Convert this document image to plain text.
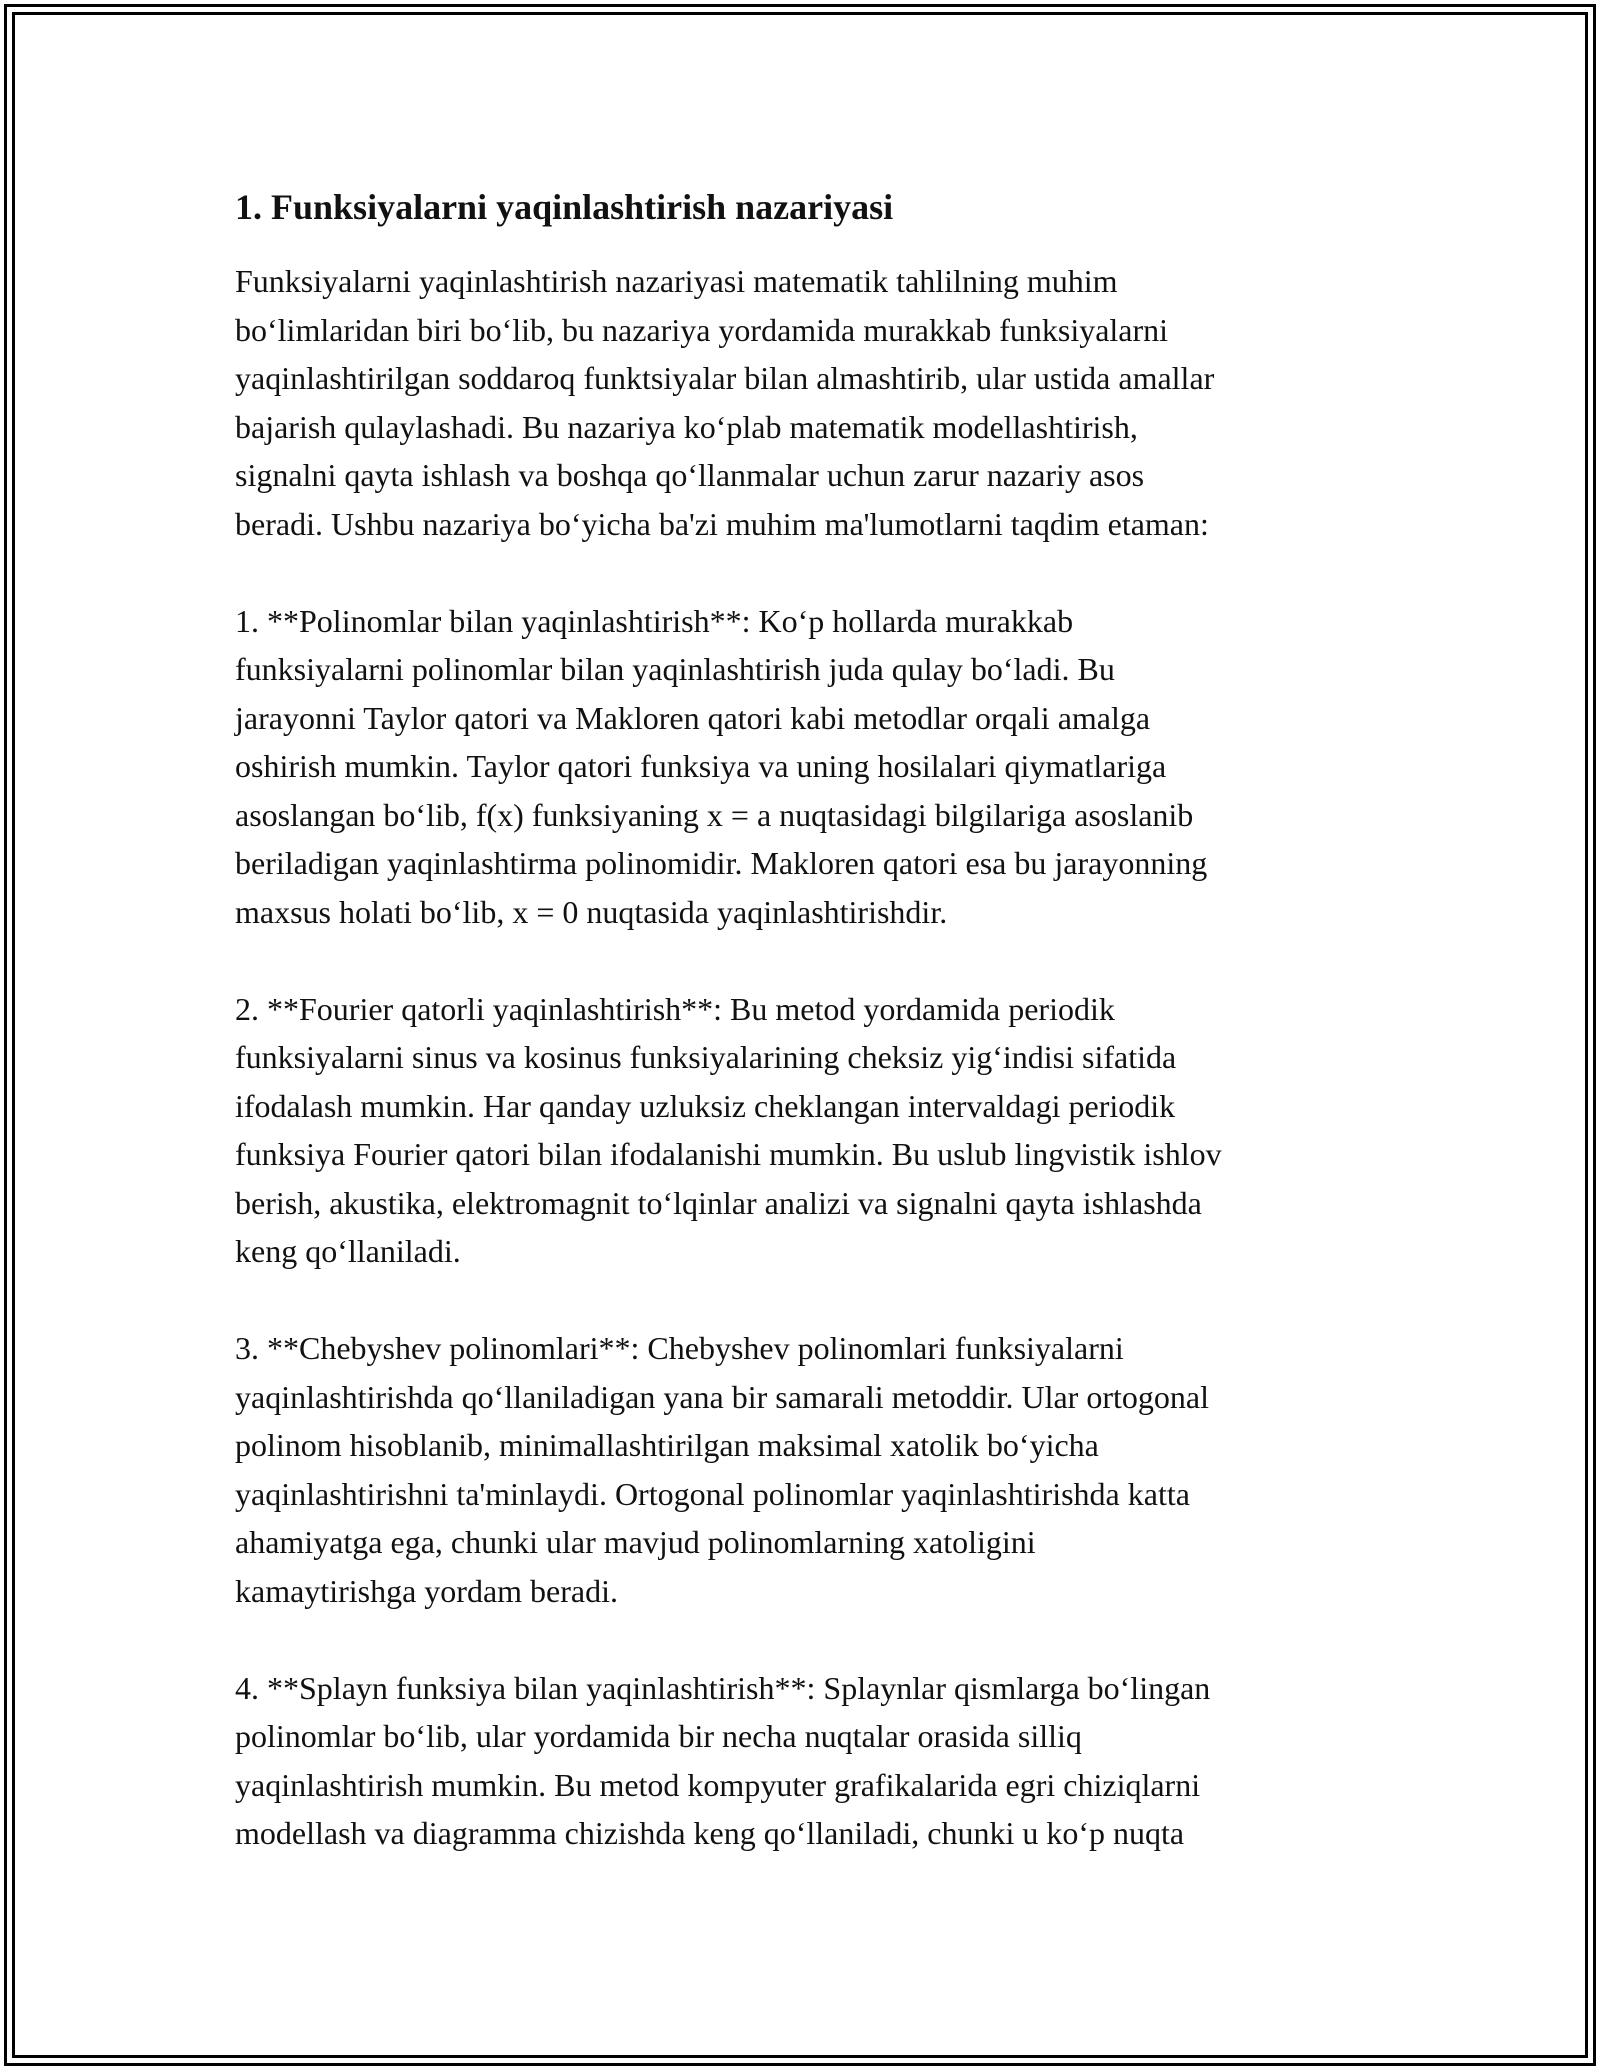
1. Funksiyalarni yaqinlashtirish nazariyasi

Funksiyalarni yaqinlashtirish nazariyasi matematik tahlilning muhim
bo‘limlaridan biri bo‘lib, bu nazariya yordamida murakkab funksiyalarni
yaqinlashtirilgan soddaroq funktsiyalar bilan almashtirib, ular ustida amallar
bajarish qulaylashadi. Bu nazariya ko‘plab matematik modellashtirish,
signalni qayta ishlash va boshqa qo‘llanmalar uchun zarur nazariy asos
beradi. Ushbu nazariya bo‘yicha ba'zi muhim ma'lumotlarni taqdim etaman:

1. **Polinomlar bilan yaqinlashtirish**: Ko‘p hollarda murakkab
funksiyalarni polinomlar bilan yaqinlashtirish juda qulay bo‘ladi. Bu
jarayonni Taylor qatori va Makloren qatori kabi metodlar orqali amalga
oshirish mumkin. Taylor qatori funksiya va uning hosilalari qiymatlariga
asoslangan bo‘lib, f(x) funksiyaning x = a nuqtasidagi bilgilariga asoslanib
beriladigan yaqinlashtirma polinomidir. Makloren qatori esa bu jarayonning
maxsus holati bo‘lib, x = 0 nuqtasida yaqinlashtirishdir.

2. **Fourier qatorli yaqinlashtirish**: Bu metod yordamida periodik
funksiyalarni sinus va kosinus funksiyalarining cheksiz yig‘indisi sifatida
ifodalash mumkin. Har qanday uzluksiz cheklangan intervaldagi periodik
funksiya Fourier qatori bilan ifodalanishi mumkin. Bu uslub lingvistik ishlov
berish, akustika, elektromagnit to‘lqinlar analizi va signalni qayta ishlashda
keng qo‘llaniladi.

3. **Chebyshev polinomlari**: Chebyshev polinomlari funksiyalarni
yaqinlashtirishda qo‘llaniladigan yana bir samarali metoddir. Ular ortogonal
polinom hisoblanib, minimallashtirilgan maksimal xatolik bo‘yicha
yaqinlashtirishni ta'minlaydi. Ortogonal polinomlar yaqinlashtirishda katta
ahamiyatga ega, chunki ular mavjud polinomlarning xatoligini
kamaytirishga yordam beradi.

4. **Splayn funksiya bilan yaqinlashtirish**: Splaynlar qismlarga bo‘lingan
polinomlar bo‘lib, ular yordamida bir necha nuqtalar orasida silliq
yaqinlashtirish mumkin. Bu metod kompyuter grafikalarida egri chiziqlarni
modellash va diagramma chizishda keng qo‘llaniladi, chunki u ko‘p nuqta
